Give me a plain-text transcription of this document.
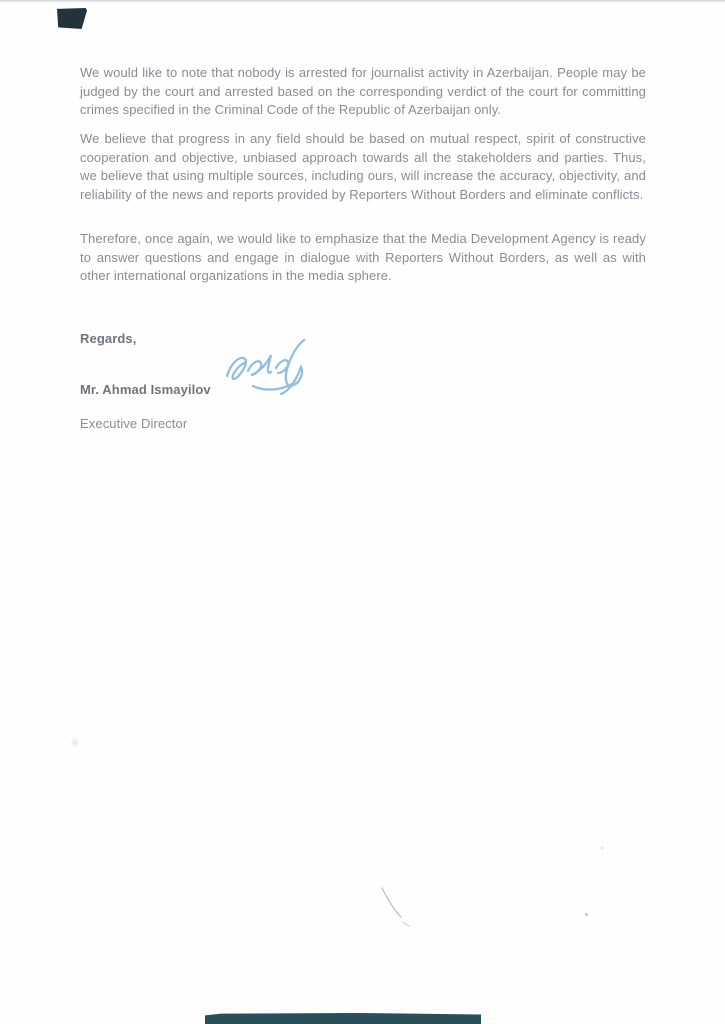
We would like to note that nobody is arrested for journalist activity in Azerbaijan. People may be judged by the court and arrested based on the corresponding verdict of the court for committing crimes specified in the Criminal Code of the Republic of Azerbaijan only.

We believe that progress in any field should be based on mutual respect, spirit of constructive cooperation and objective, unbiased approach towards all the stakeholders and parties. Thus, we believe that using multiple sources, including ours, will increase the accuracy, objectivity, and reliability of the news and reports provided by Reporters Without Borders and eliminate conflicts.

Therefore, once again, we would like to emphasize that the Media Development Agency is ready to answer questions and engage in dialogue with Reporters Without Borders, as well as with other international organizations in the media sphere.

Regards,
Mr. Ahmad Ismayilov
Executive Director
